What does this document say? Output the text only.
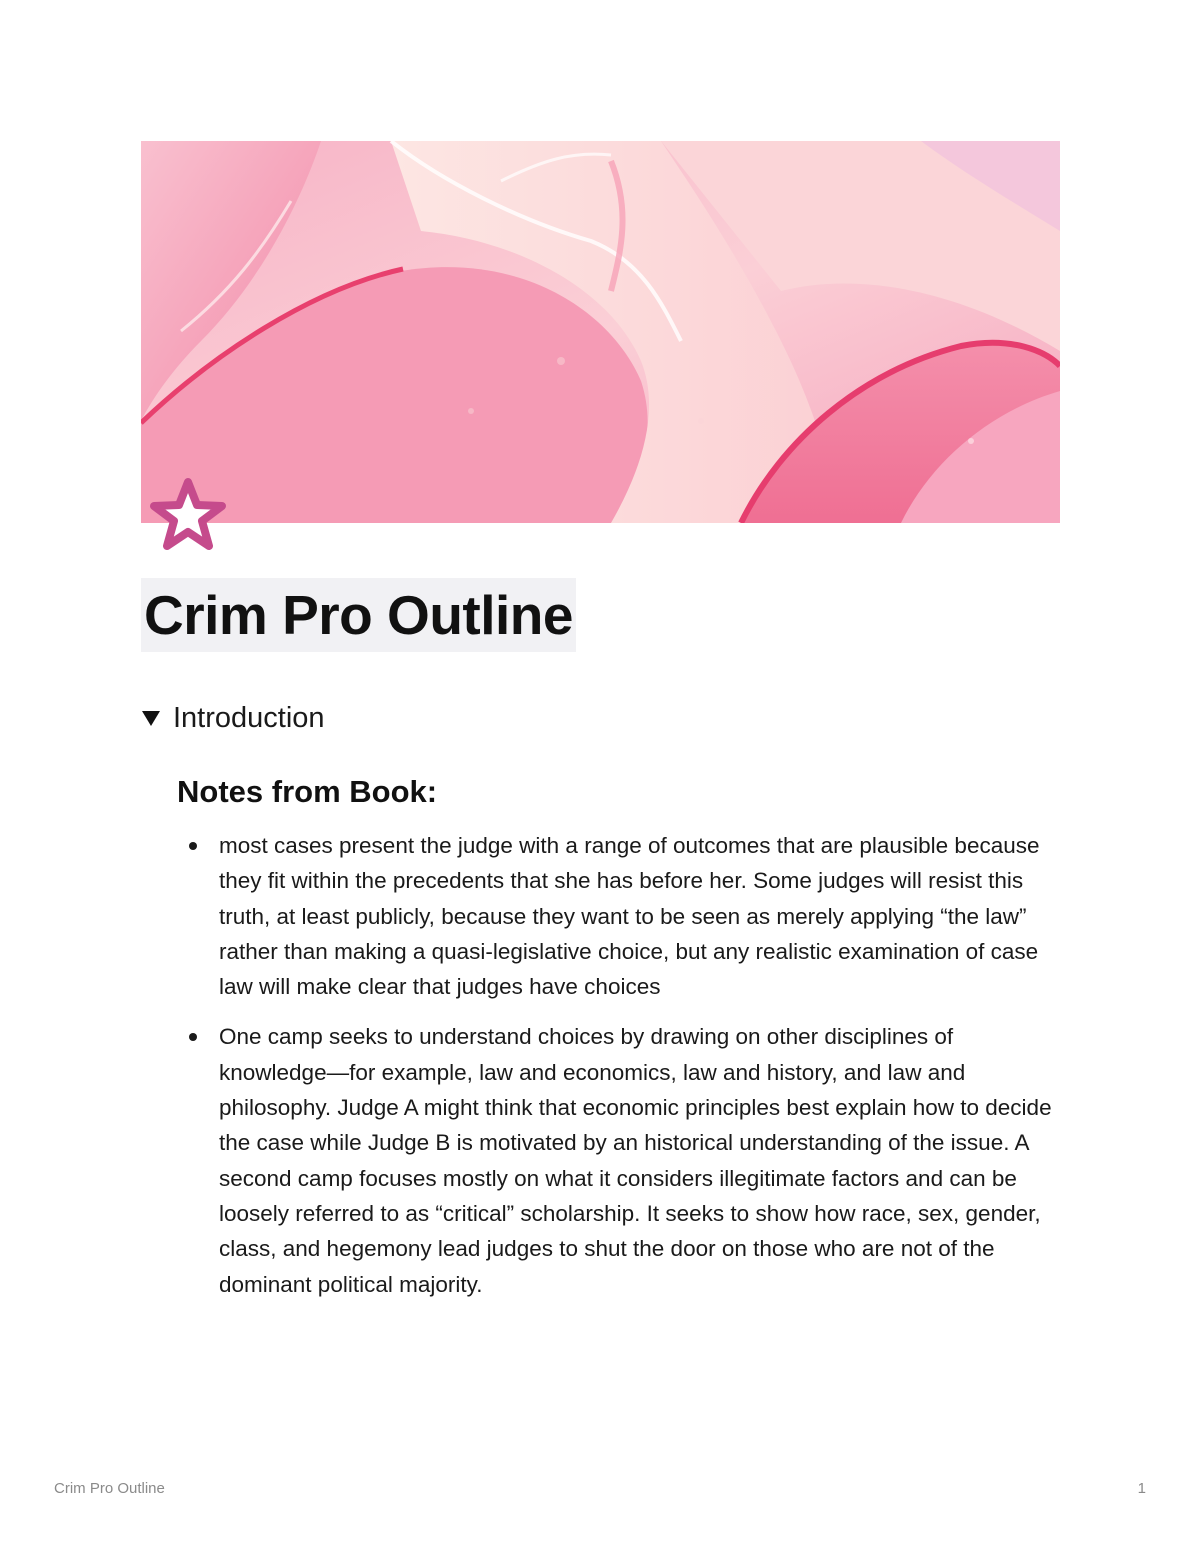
Crim Pro Outline
Introduction
Notes from Book:
most cases present the judge with a range of outcomes that are plausible because they fit within the precedents that she has before her. Some judges will resist this truth, at least publicly, because they want to be seen as merely applying “the law” rather than making a quasi-legislative choice, but any realistic examination of case law will make clear that judges have choices
One camp seeks to understand choices by drawing on other disciplines of knowledge—for example, law and economics, law and history, and law and philosophy. Judge A might think that economic principles best explain how to decide the case while Judge B is motivated by an historical understanding of the issue. A second camp focuses mostly on what it considers illegitimate factors and can be loosely referred to as “critical” scholarship. It seeks to show how race, sex, gender, class, and hegemony lead judges to shut the door on those who are not of the dominant political majority.
Crim Pro Outline	1
